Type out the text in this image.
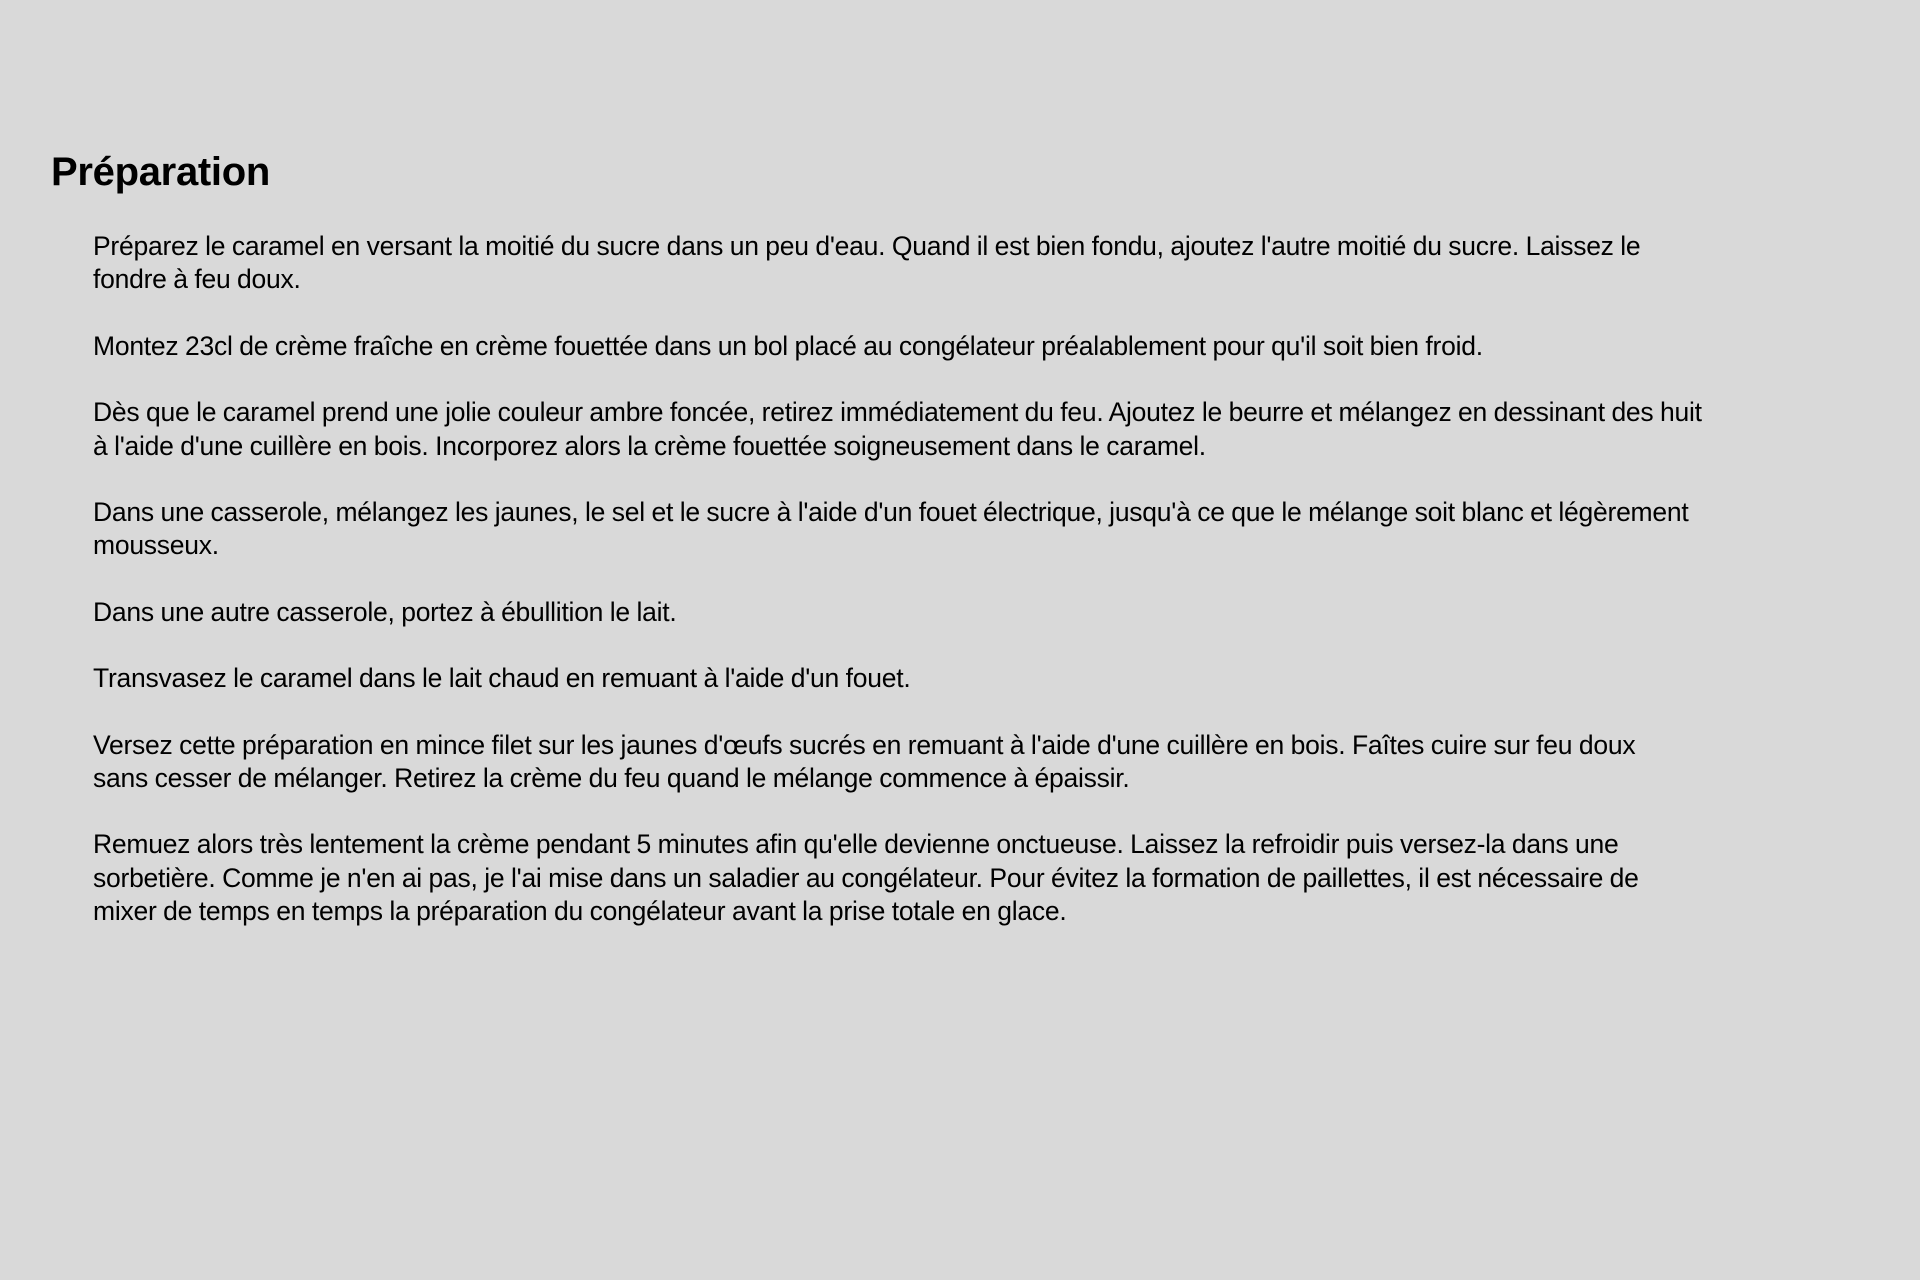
Préparation

Préparez le caramel en versant la moitié du sucre dans un peu d'eau. Quand il est bien fondu, ajoutez l'autre moitié du sucre. Laissez le
fondre à feu doux.

Montez 23cl de crème fraîche en crème fouettée dans un bol placé au congélateur préalablement pour qu'il soit bien froid.

Dès que le caramel prend une jolie couleur ambre foncée, retirez immédiatement du feu. Ajoutez le beurre et mélangez en dessinant des huit
à l'aide d'une cuillère en bois. Incorporez alors la crème fouettée soigneusement dans le caramel.

Dans une casserole, mélangez les jaunes, le sel et le sucre à l'aide d'un fouet électrique, jusqu'à ce que le mélange soit blanc et légèrement
mousseux.

Dans une autre casserole, portez à ébullition le lait.

Transvasez le caramel dans le lait chaud en remuant à l'aide d'un fouet.

Versez cette préparation en mince filet sur les jaunes d'œufs sucrés en remuant à l'aide d'une cuillère en bois. Faîtes cuire sur feu doux
sans cesser de mélanger. Retirez la crème du feu quand le mélange commence à épaissir.

Remuez alors très lentement la crème pendant 5 minutes afin qu'elle devienne onctueuse. Laissez la refroidir puis versez-la dans une
sorbetière. Comme je n'en ai pas, je l'ai mise dans un saladier au congélateur. Pour évitez la formation de paillettes, il est nécessaire de
mixer de temps en temps la préparation du congélateur avant la prise totale en glace.
